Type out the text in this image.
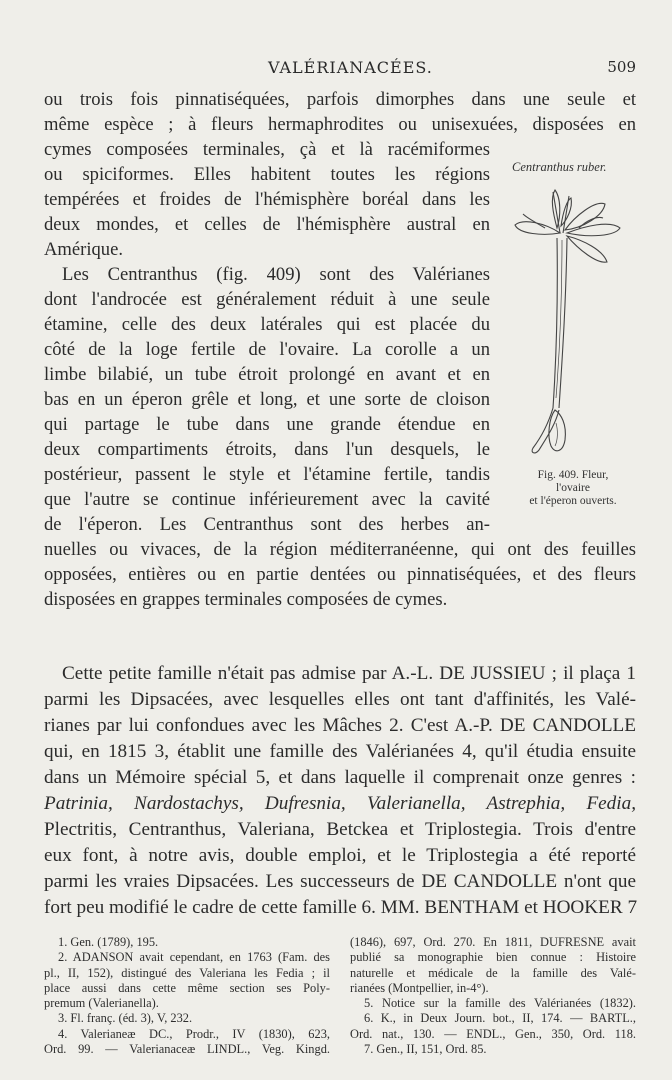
VALÉRIANACÉES.	509
Centranthus ruber.
Fig. 409. Fleur,
l'ovaire
et l'éperon ouverts.
ou trois fois pinnatiséquées, parfois dimorphes dans une seule et
même espèce ; à fleurs hermaphrodites ou unisexuées, disposées en
cymes composées terminales, çà et là racémiformes
ou spiciformes. Elles habitent toutes les régions
tempérées et froides de l'hémisphère boréal dans les
deux mondes, et celles de l'hémisphère austral en
Amérique.
Les Centranthus (fig. 409) sont des Valérianes
dont l'androcée est généralement réduit à une seule
étamine, celle des deux latérales qui est placée du
côté de la loge fertile de l'ovaire. La corolle a un
limbe bilabié, un tube étroit prolongé en avant et en
bas en un éperon grêle et long, et une sorte de cloison
qui partage le tube dans une grande étendue en
deux compartiments étroits, dans l'un desquels, le
postérieur, passent le style et l'étamine fertile, tandis
que l'autre se continue inférieurement avec la cavité
de l'éperon. Les Centranthus sont des herbes an-
nuelles ou vivaces, de la région méditerranéenne, qui ont des feuilles
opposées, entières ou en partie dentées ou pinnatiséquées, et des fleurs
disposées en grappes terminales composées de cymes.
Cette petite famille n'était pas admise par A.-L. DE JUSSIEU ; il plaça 1
parmi les Dipsacées, avec lesquelles elles ont tant d'affinités, les Valé-
rianes par lui confondues avec les Mâches 2. C'est A.-P. DE CANDOLLE
qui, en 1815 3, établit une famille des Valérianées 4, qu'il étudia ensuite
dans un Mémoire spécial 5, et dans laquelle il comprenait onze genres :
Patrinia, Nardostachys, Dufresnia, Valerianella, Astrephia, Fedia,
Plectritis, Centranthus, Valeriana, Betckea et Triplostegia. Trois d'entre
eux font, à notre avis, double emploi, et le Triplostegia a été reporté
parmi les vraies Dipsacées. Les successeurs de DE CANDOLLE n'ont que
fort peu modifié le cadre de cette famille 6. MM. BENTHAM et HOOKER 7
1. Gen. (1789), 195.
2. ADANSON avait cependant, en 1763 (Fam. des
pl., II, 152), distingué des Valeriana les Fedia ; il
place aussi dans cette même section ses Poly-
premum (Valerianella).
3. Fl. franç. (éd. 3), V, 232.
4. Valerianeæ DC., Prodr., IV (1830), 623,
Ord. 99. — Valerianaceæ LINDL., Veg. Kingd.
(1846), 697, Ord. 270. En 1811, DUFRESNE avait
publié sa monographie bien connue : Histoire
naturelle et médicale de la famille des Valé-
rianées (Montpellier, in-4°).
5. Notice sur la famille des Valérianées (1832).
6. K., in Deux Journ. bot., II, 174. — BARTL.,
Ord. nat., 130. — ENDL., Gen., 350, Ord. 118.
7. Gen., II, 151, Ord. 85.
